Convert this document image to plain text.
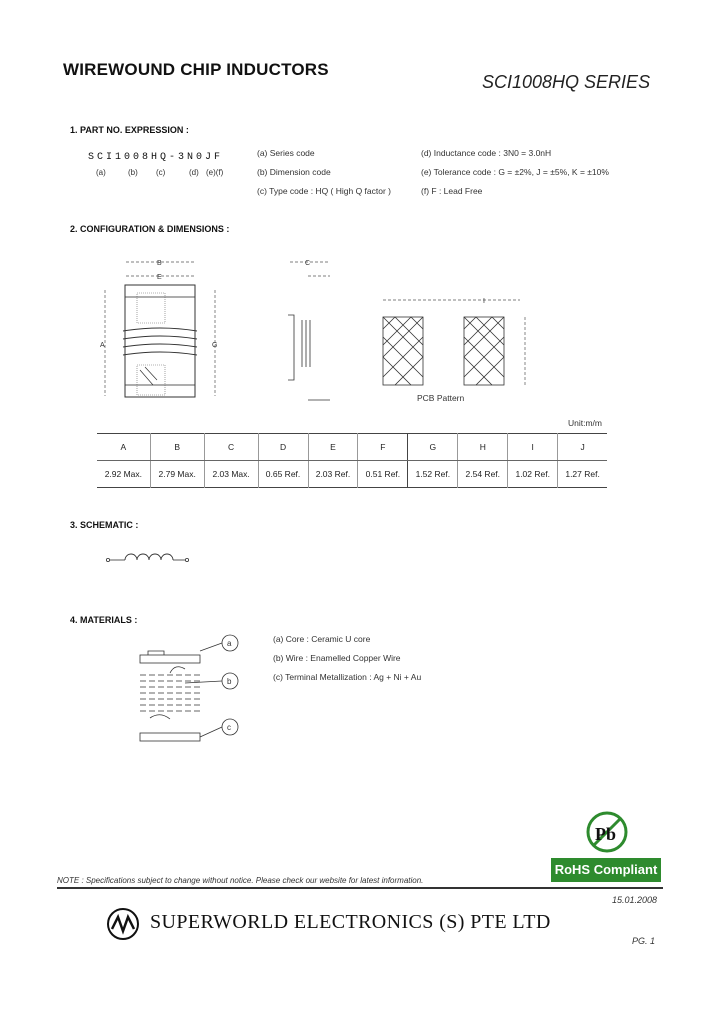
WIREWOUND CHIP INDUCTORS
SCI1008HQ SERIES
1. PART NO. EXPRESSION :
SCI1008HQ-3N0JF
(a)	(b) (c)	(d) (e)(f)
(a) Series code
(b) Dimension code
(c) Type code : HQ ( High Q factor )
(d) Inductance code : 3N0 = 3.0nH
(e) Tolerance code : G = ±2%, J = ±5%, K = ±10%
(f) F : Lead Free
2. CONFIGURATION & DIMENSIONS :
B
E
A	G
C
I
PCB Pattern
Unit:m/m
A	B	C	D	E	F	G	H	I	J
2.92 Max.	2.79 Max.	2.03 Max.	0.65 Ref.	2.03 Ref.	0.51 Ref.	1.52 Ref.	2.54 Ref.	1.02 Ref.	1.27 Ref.
3. SCHEMATIC :
4. MATERIALS :
a
b
c
(a) Core : Ceramic U core
(b) Wire : Enamelled Copper Wire
(c) Terminal Metallization : Ag + Ni + Au
Pb
RoHS Compliant
NOTE : Specifications subject to change without notice. Please check our website for latest information.
15.01.2008
SUPERWORLD ELECTRONICS (S) PTE LTD
PG. 1
